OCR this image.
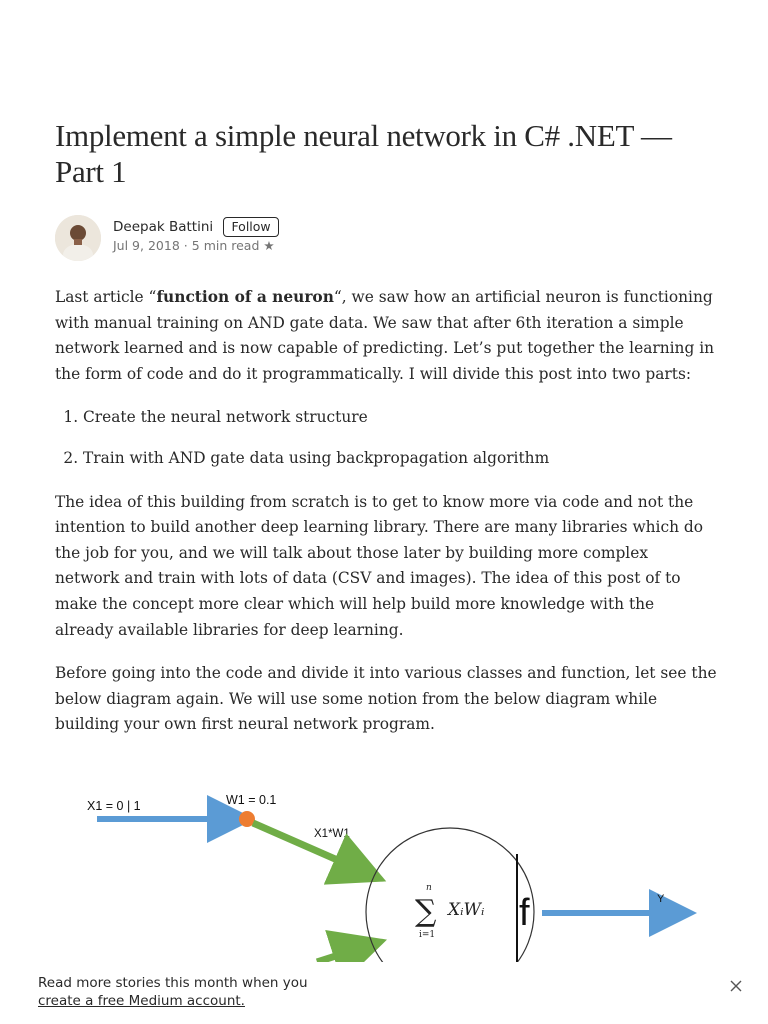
Implement a simple neural network in C# .NET —
Part 1
Deepak Battini Follow
Jul 9, 2018 · 5 min read ★

Last article “function of a neuron“, we saw how an artificial neuron is functioning with manual training on AND gate data. We saw that after 6th iteration a simple network learned and is now capable of predicting. Let’s put together the learning in the form of code and do it programmatically. I will divide this post into two parts:

1. Create the neural network structure
2. Train with AND gate data using backpropagation algorithm

The idea of this building from scratch is to get to know more via code and not the intention to build another deep learning library. There are many libraries which do the job for you, and we will talk about those later by building more complex network and train with lots of data (CSV and images). The idea of this post of to make the concept more clear which will help build more knowledge with the already available libraries for deep learning.

Before going into the code and divide it into various classes and function, let see the below diagram again. We will use some notion from the below diagram while building your own first neural network program.

X1 = 0 | 1	W1 = 0.1
X1*W1
n
∑
i=1
XᵢWᵢ f	Y
Read more stories this month when you
create a free Medium account.
